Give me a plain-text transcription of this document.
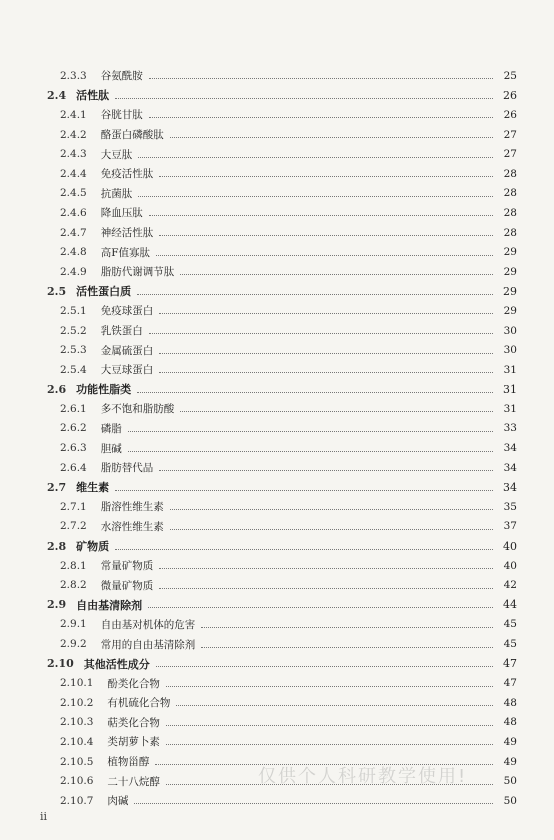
2.3.3 谷氨酰胺	25
2.4 活性肽	26
2.4.1 谷胱甘肽	26
2.4.2 酪蛋白磷酸肽	27
2.4.3 大豆肽	27
2.4.4 免疫活性肽	28
2.4.5 抗菌肽	28
2.4.6 降血压肽	28
2.4.7 神经活性肽	28
2.4.8 高F值寡肽	29
2.4.9 脂肪代谢调节肽	29
2.5 活性蛋白质	29
2.5.1 免疫球蛋白	29
2.5.2 乳铁蛋白	30
2.5.3 金属硫蛋白	30
2.5.4 大豆球蛋白	31
2.6 功能性脂类	31
2.6.1 多不饱和脂肪酸	31
2.6.2 磷脂	33
2.6.3 胆碱	34
2.6.4 脂肪替代品	34
2.7 维生素	34
2.7.1 脂溶性维生素	35
2.7.2 水溶性维生素	37
2.8 矿物质	40
2.8.1 常量矿物质	40
2.8.2 微量矿物质	42
2.9 自由基清除剂	44
2.9.1 自由基对机体的危害	45
2.9.2 常用的自由基清除剂	45
2.10 其他活性成分	47
2.10.1 酚类化合物	47
2.10.2 有机硫化合物	48
2.10.3 萜类化合物	48
2.10.4 类胡萝卜素	49
2.10.5 植物甾醇	49
2.10.6 二十八烷醇	50
2.10.7 肉碱	50
仅供个人科研教学使用!
ii
